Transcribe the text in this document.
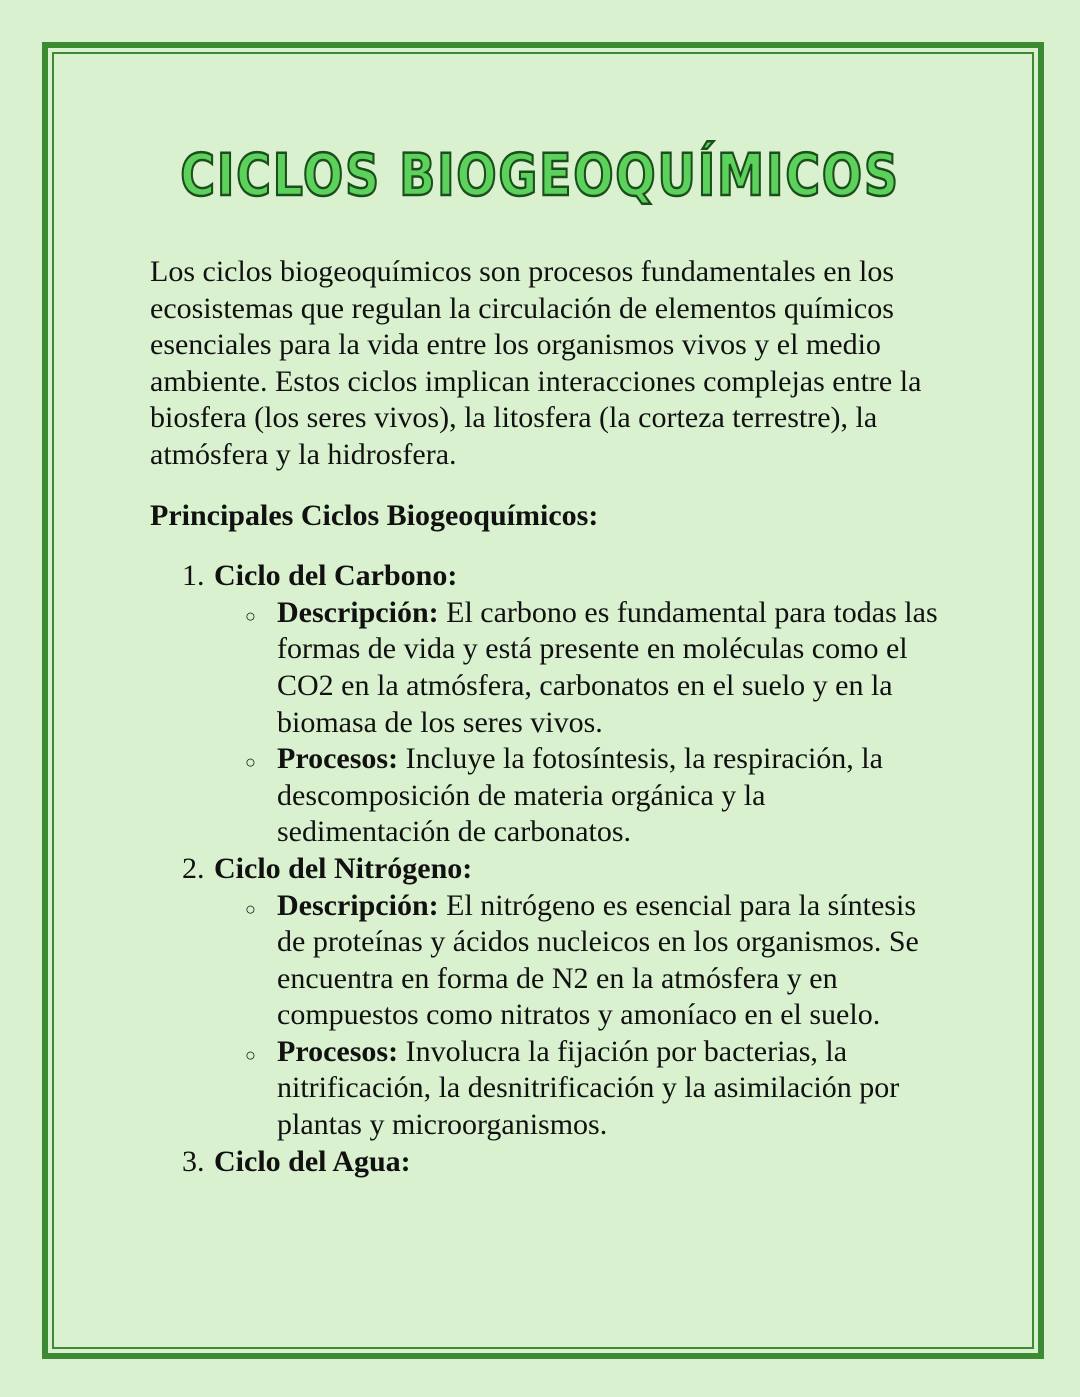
CICLOS BIOGEOQUÍMICOS

Los ciclos biogeoquímicos son procesos fundamentales en los ecosistemas que regulan la circulación de elementos químicos esenciales para la vida entre los organismos vivos y el medio ambiente. Estos ciclos implican interacciones complejas entre la biosfera (los seres vivos), la litosfera (la corteza terrestre), la atmósfera y la hidrosfera.

Principales Ciclos Biogeoquímicos:

1. Ciclo del Carbono:
○ Descripción: El carbono es fundamental para todas las formas de vida y está presente en moléculas como el CO2 en la atmósfera, carbonatos en el suelo y en la biomasa de los seres vivos.
○ Procesos: Incluye la fotosíntesis, la respiración, la descomposición de materia orgánica y la sedimentación de carbonatos.
2. Ciclo del Nitrógeno:
○ Descripción: El nitrógeno es esencial para la síntesis de proteínas y ácidos nucleicos en los organismos. Se encuentra en forma de N2 en la atmósfera y en compuestos como nitratos y amoníaco en el suelo.
○ Procesos: Involucra la fijación por bacterias, la nitrificación, la desnitrificación y la asimilación por plantas y microorganismos.
3. Ciclo del Agua:
